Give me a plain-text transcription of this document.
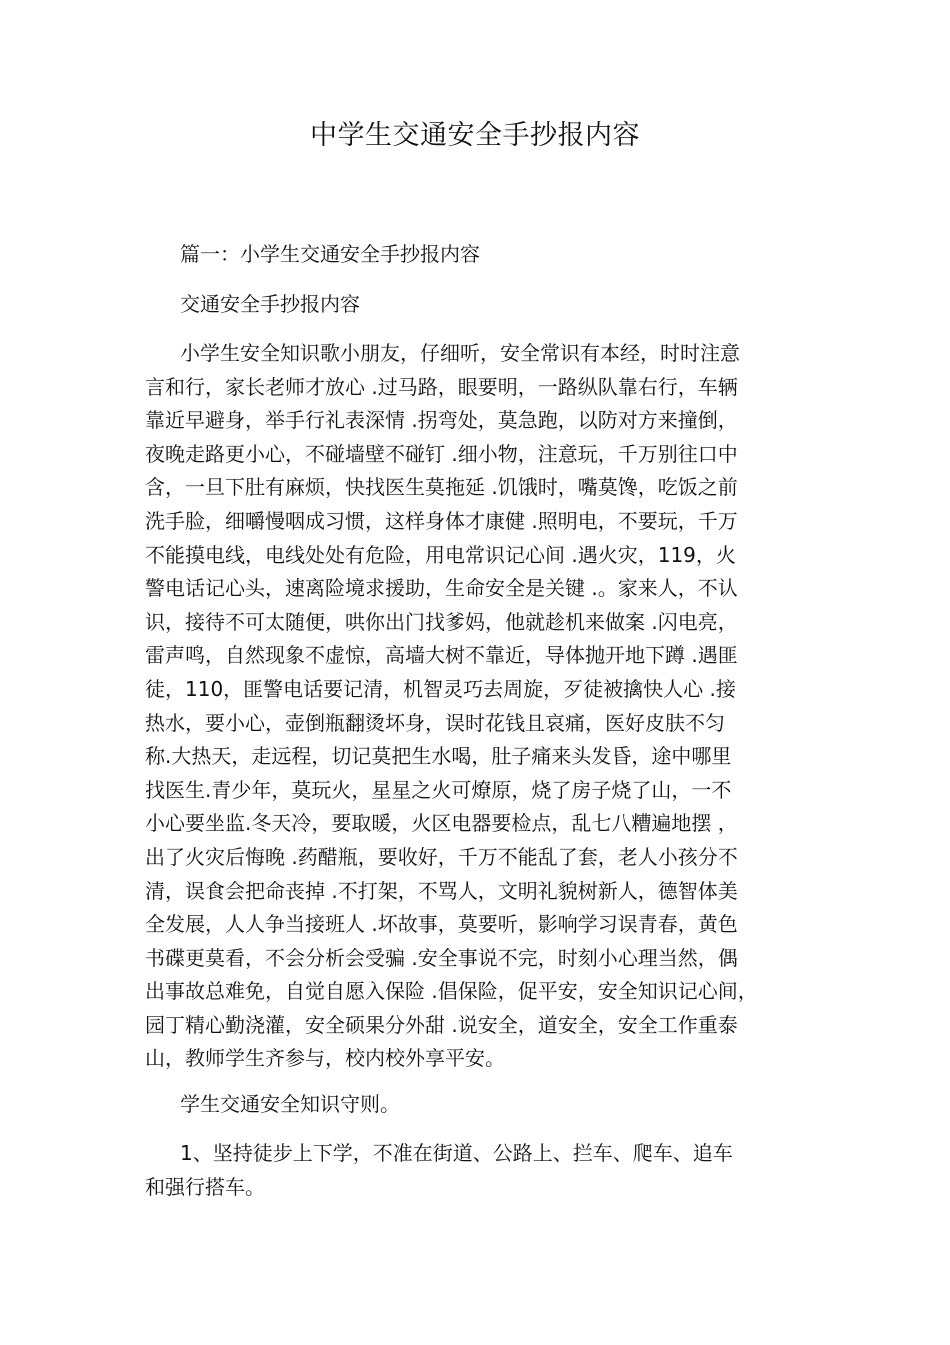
中学生交通安全手抄报内容
篇一：小学生交通安全手抄报内容
交通安全手抄报内容
小学生安全知识歌小朋友，仔细听，安全常识有本经，时时注意
言和行，家长老师才放心 .过马路，眼要明，一路纵队靠右行，车辆
靠近早避身，举手行礼表深情 .拐弯处，莫急跑，以防对方来撞倒，
夜晚走路更小心，不碰墙壁不碰钉 .细小物，注意玩，千万别往口中
含，一旦下肚有麻烦，快找医生莫拖延 .饥饿时，嘴莫馋，吃饭之前
洗手脸，细嚼慢咽成习惯，这样身体才康健 .照明电，不要玩，千万
不能摸电线，电线处处有危险，用电常识记心间 .遇火灾，119，火
警电话记心头，速离险境求援助，生命安全是关键 .。家来人，不认
识，接待不可太随便，哄你出门找爹妈，他就趁机来做案 .闪电亮，
雷声鸣，自然现象不虚惊，高墙大树不靠近，导体抛开地下蹲 .遇匪
徒，110，匪警电话要记清，机智灵巧去周旋，歹徒被擒快人心 .接
热水，要小心，壶倒瓶翻烫坏身，误时花钱且哀痛，医好皮肤不匀
称.大热天，走远程，切记莫把生水喝，肚子痛来头发昏，途中哪里
找医生.青少年，莫玩火，星星之火可燎原，烧了房子烧了山，一不
小心要坐监.冬天冷，要取暖，火区电器要检点，乱七八糟遍地摆 ，
出了火灾后悔晚 .药醋瓶，要收好，千万不能乱了套，老人小孩分不
清，误食会把命丧掉 .不打架，不骂人，文明礼貌树新人，德智体美
全发展，人人争当接班人 .坏故事，莫要听，影响学习误青春，黄色
书碟更莫看，不会分析会受骗 .安全事说不完，时刻小心理当然，偶
出事故总难免，自觉自愿入保险 .倡保险，促平安，安全知识记心间，
园丁精心勤浇灌，安全硕果分外甜 .说安全，道安全，安全工作重泰
山，教师学生齐参与，校内校外享平安。
学生交通安全知识守则。
1、坚持徒步上下学，不准在街道、公路上、拦车、爬车、追车
和强行搭车。
